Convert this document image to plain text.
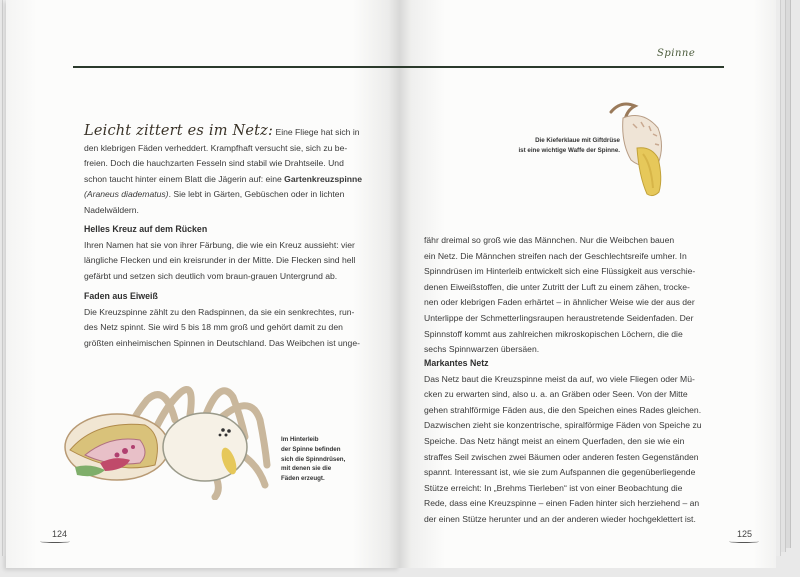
Spinne

Leicht zittert es im Netz: Eine Fliege hat sich in

den klebrigen Fäden verheddert. Krampfhaft versucht sie, sich zu be-

freien. Doch die hauchzarten Fesseln sind stabil wie Drahtseile. Und

schon taucht hinter einem Blatt die Jägerin auf: eine Gartenkreuzspinne

(Araneus diadematus). Sie lebt in Gärten, Gebüschen oder in lichten

Nadelwäldern.

Helles Kreuz auf dem Rücken

Ihren Namen hat sie von ihrer Färbung, die wie ein Kreuz aussieht: vier

längliche Flecken und ein kreisrunder in der Mitte. Die Flecken sind hell

gefärbt und setzen sich deutlich vom braun-grauen Untergrund ab.

Faden aus Eiweiß

Die Kreuzspinne zählt zu den Radspinnen, da sie ein senkrechtes, run-

des Netz spinnt. Sie wird 5 bis 18 mm groß und gehört damit zu den

größten einheimischen Spinnen in Deutschland. Das Weibchen ist unge-

Im Hinterleib
der Spinne befinden
sich die Spinndrüsen,
mit denen sie die
Fäden erzeugt.
124
Die Kieferklaue mit Giftdrüse
ist eine wichtige Waffe der Spinne.

fähr dreimal so groß wie das Männchen. Nur die Weibchen bauen

ein Netz. Die Männchen streifen nach der Geschlechtsreife umher. In

Spinndrüsen im Hinterleib entwickelt sich eine Flüssigkeit aus verschie-

denen Eiweißstoffen, die unter Zutritt der Luft zu einem zähen, trocke-

nen oder klebrigen Faden erhärtet – in ähnlicher Weise wie der aus der

Unterlippe der Schmetterlingsraupen heraustretende Seidenfaden. Der

Spinnstoff kommt aus zahlreichen mikroskopischen Löchern, die die

sechs Spinnwarzen übersäen.

Markantes Netz

Das Netz baut die Kreuzspinne meist da auf, wo viele Fliegen oder Mü-

cken zu erwarten sind, also u. a. an Gräben oder Seen. Von der Mitte

gehen strahlförmige Fäden aus, die den Speichen eines Rades gleichen.

Dazwischen zieht sie konzentrische, spiralförmige Fäden von Speiche zu

Speiche. Das Netz hängt meist an einem Querfaden, den sie wie ein

straffes Seil zwischen zwei Bäumen oder anderen festen Gegenständen

spannt. Interessant ist, wie sie zum Aufspannen die gegenüberliegende

Stütze erreicht: In „Brehms Tierleben“ ist von einer Beobachtung die

Rede, dass eine Kreuzspinne – einen Faden hinter sich herziehend – an

der einen Stütze herunter und an der anderen wieder hochgeklettert ist.

125
